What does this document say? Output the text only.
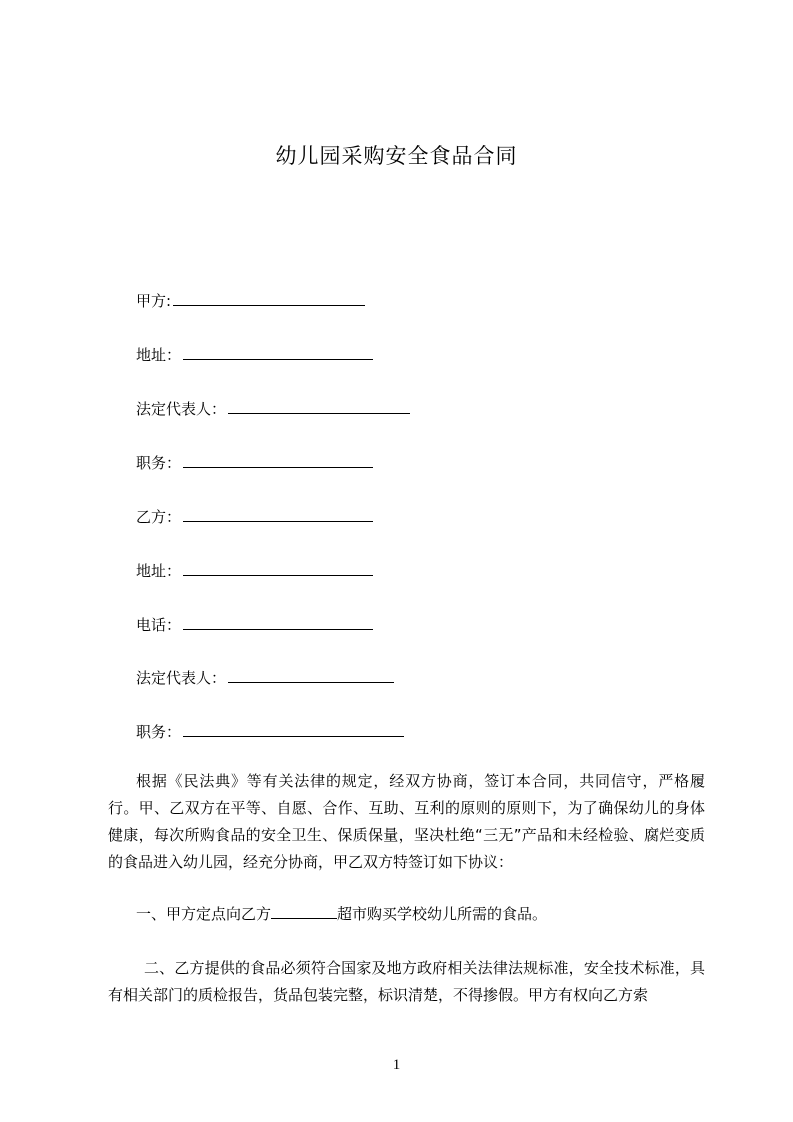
幼儿园采购安全食品合同

甲方:

地址：

法定代表人：

职务：

乙方：

地址：

电话：

法定代表人：

职务：

根据《民法典》等有关法律的规定，经双方协商，签订本合同，共同信守，严格履行。甲、乙双方在平等、自愿、合作、互助、互利的原则的原则下，为了确保幼儿的身体健康，每次所购食品的安全卫生、保质保量，坚决杜绝“三无”产品和未经检验、腐烂变质的食品进入幼儿园，经充分协商，甲乙双方特签订如下协议：

一、甲方定点向乙方	超市购买学校幼儿所需的食品。

二、乙方提供的食品必须符合国家及地方政府相关法律法规标准，安全技术标准，具有相关部门的质检报告，货品包装完整，标识清楚，不得掺假。甲方有权向乙方索

1
